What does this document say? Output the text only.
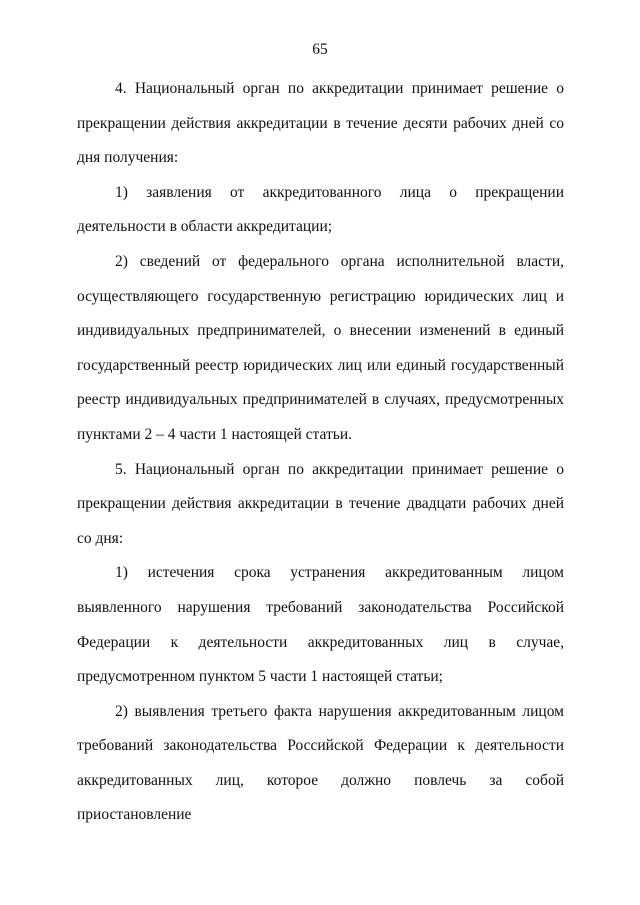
65

4. Национальный орган по аккредитации принимает решение о прекращении действия аккредитации в течение десяти рабочих дней со дня получения:

1) заявления от аккредитованного лица о прекращении деятельности в области аккредитации;

2) сведений от федерального органа исполнительной власти, осуществляющего государственную регистрацию юридических лиц и индивидуальных предпринимателей, о внесении изменений в единый государственный реестр юридических лиц или единый государственный реестр индивидуальных предпринимателей в случаях, предусмотренных пунктами 2 – 4 части 1 настоящей статьи.

5. Национальный орган по аккредитации принимает решение о прекращении действия аккредитации в течение двадцати рабочих дней со дня:

1) истечения срока устранения аккредитованным лицом выявленного нарушения требований законодательства Российской Федерации к деятельности аккредитованных лиц в случае, предусмотренном пунктом 5 части 1 настоящей статьи;

2) выявления третьего факта нарушения аккредитованным лицом требований законодательства Российской Федерации к деятельности аккредитованных лиц, которое должно повлечь за собой приостановление
